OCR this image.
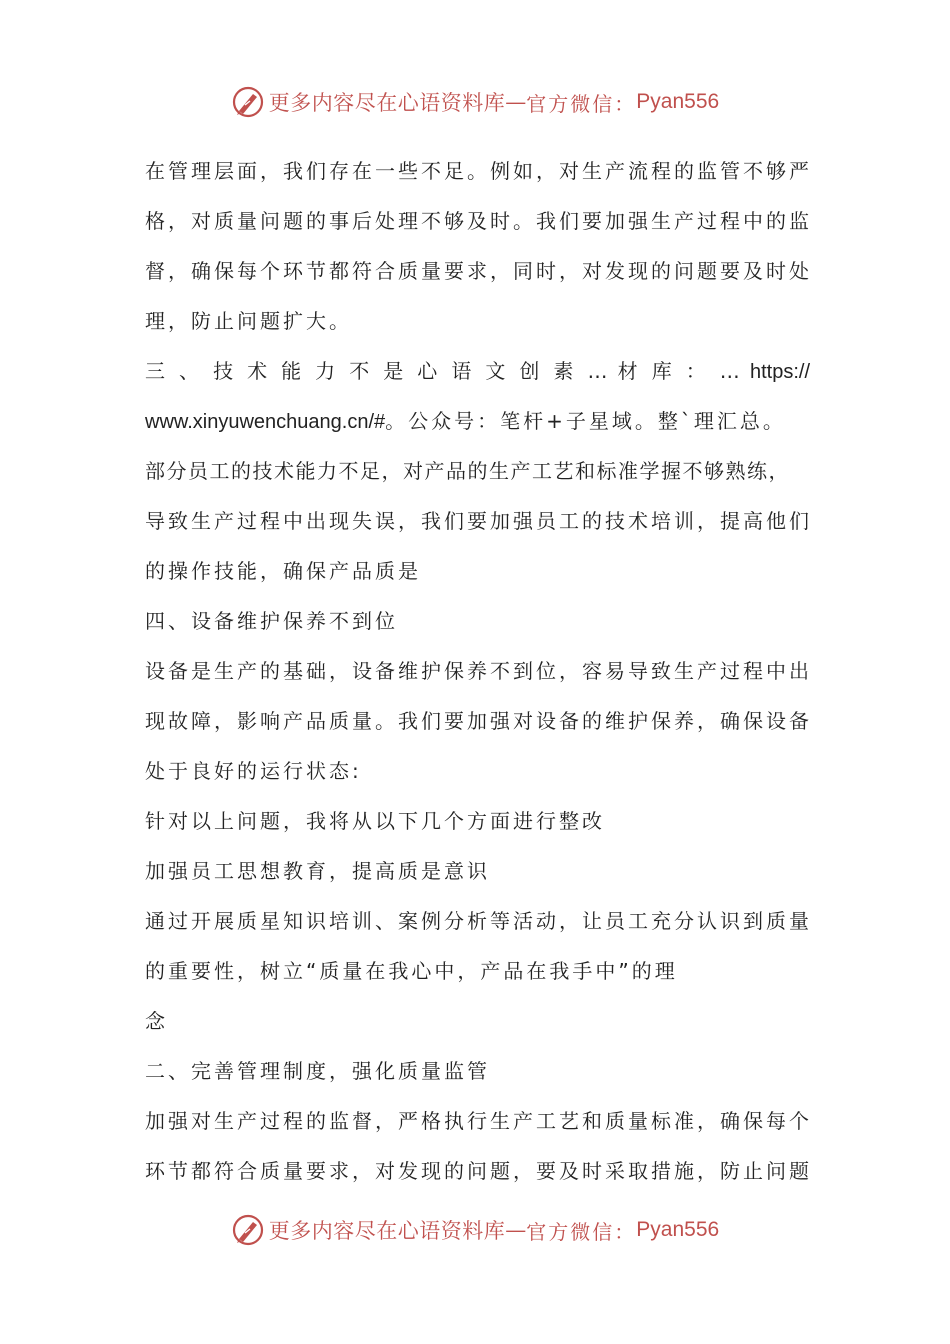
更多内容尽在心语资料库 — 官方微信： Pyan556
在管理层面，我们存在一些不足。例如，对生产流程的监管不够严
格，对质量问题的事后处理不够及时。我们要加强生产过程中的监
督，确保每个环节都符合质量要求，同时，对发现的问题要及时处
理，防止问题扩大。
三 、 技 术 能 力 不 是 心 语 文 创 素 … 材 库 ： … https://
www.xinyuwenchuang.cn/#。公众号：笔杆+子星域。整`理汇总。
部分员工的技术能力不足，对产品的生产工艺和标准学握不够熟练，
导致生产过程中出现失误，我们要加强员工的技术培训，提高他们
的操作技能，确保产品质是
四、设备维护保养不到位
设备是生产的基础，设备维护保养不到位，容易导致生产过程中出
现故障，影响产品质量。我们要加强对设备的维护保养，确保设备
处于良好的运行状态:
针对以上问题，我将从以下几个方面进行整改
加强员工思想教育，提高质是意识
通过开展质星知识培训、案例分析等活动，让员工充分认识到质量
的重要性，树立“质量在我心中，产品在我手中”的理
念
二、完善管理制度，强化质量监管
加强对生产过程的监督，严格执行生产工艺和质量标准，确保每个
环节都符合质量要求，对发现的问题，要及时采取措施，防止问题
更多内容尽在心语资料库 — 官方微信： Pyan556
